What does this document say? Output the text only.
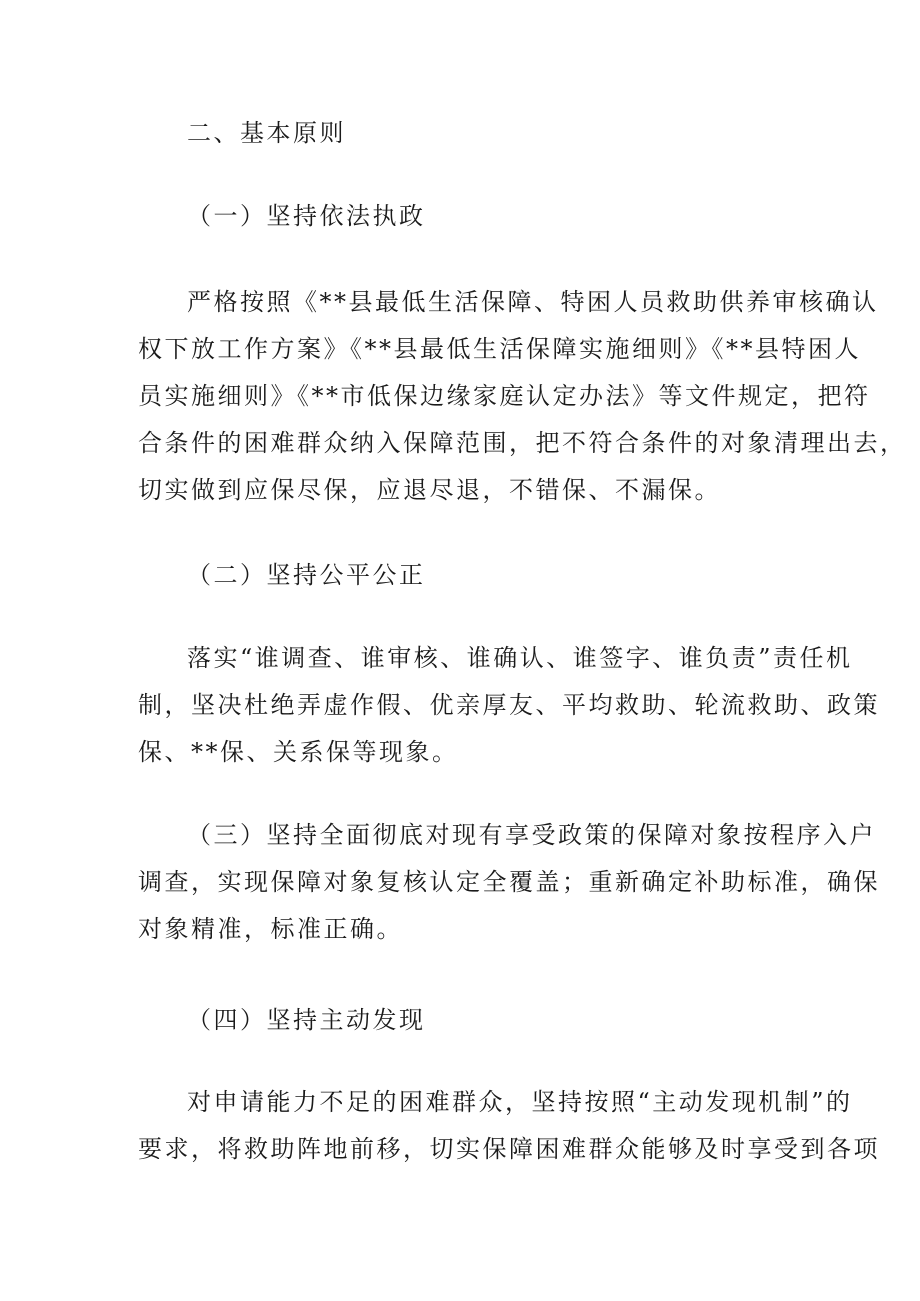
二、基本原则
（一）坚持依法执政
严格按照《**县最低生活保障、特困人员救助供养审核确认
权下放工作方案》《**县最低生活保障实施细则》《**县特困人
员实施细则》《**市低保边缘家庭认定办法》等文件规定，把符
合条件的困难群众纳入保障范围，把不符合条件的对象清理出去，
切实做到应保尽保，应退尽退，不错保、不漏保。
（二）坚持公平公正
落实“谁调查、谁审核、谁确认、谁签字、谁负责”责任机
制，坚决杜绝弄虚作假、优亲厚友、平均救助、轮流救助、政策
保、**保、关系保等现象。
（三）坚持全面彻底对现有享受政策的保障对象按程序入户
调查，实现保障对象复核认定全覆盖；重新确定补助标准，确保
对象精准，标准正确。
（四）坚持主动发现
对申请能力不足的困难群众，坚持按照“主动发现机制”的
要求，将救助阵地前移，切实保障困难群众能够及时享受到各项
